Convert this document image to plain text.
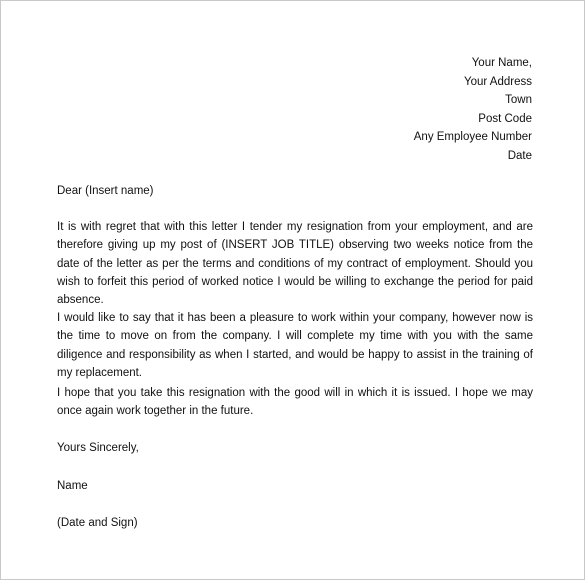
Your Name,
Your Address
Town
Post Code
Any Employee Number
Date
Dear (Insert name)
It is with regret that with this letter I tender my resignation from your employment, and are therefore giving up my post of (INSERT JOB TITLE) observing two weeks notice from the date of the letter as per the terms and conditions of my contract of employment. Should you wish to forfeit this period of worked notice I would be willing to exchange the period for paid absence.
I would like to say that it has been a pleasure to work within your company, however now is the time to move on from the company. I will complete my time with you with the same diligence and responsibility as when I started, and would be happy to assist in the training of my replacement.
I hope that you take this resignation with the good will in which it is issued. I hope we may once again work together in the future.
Yours Sincerely,
Name
(Date and Sign)
